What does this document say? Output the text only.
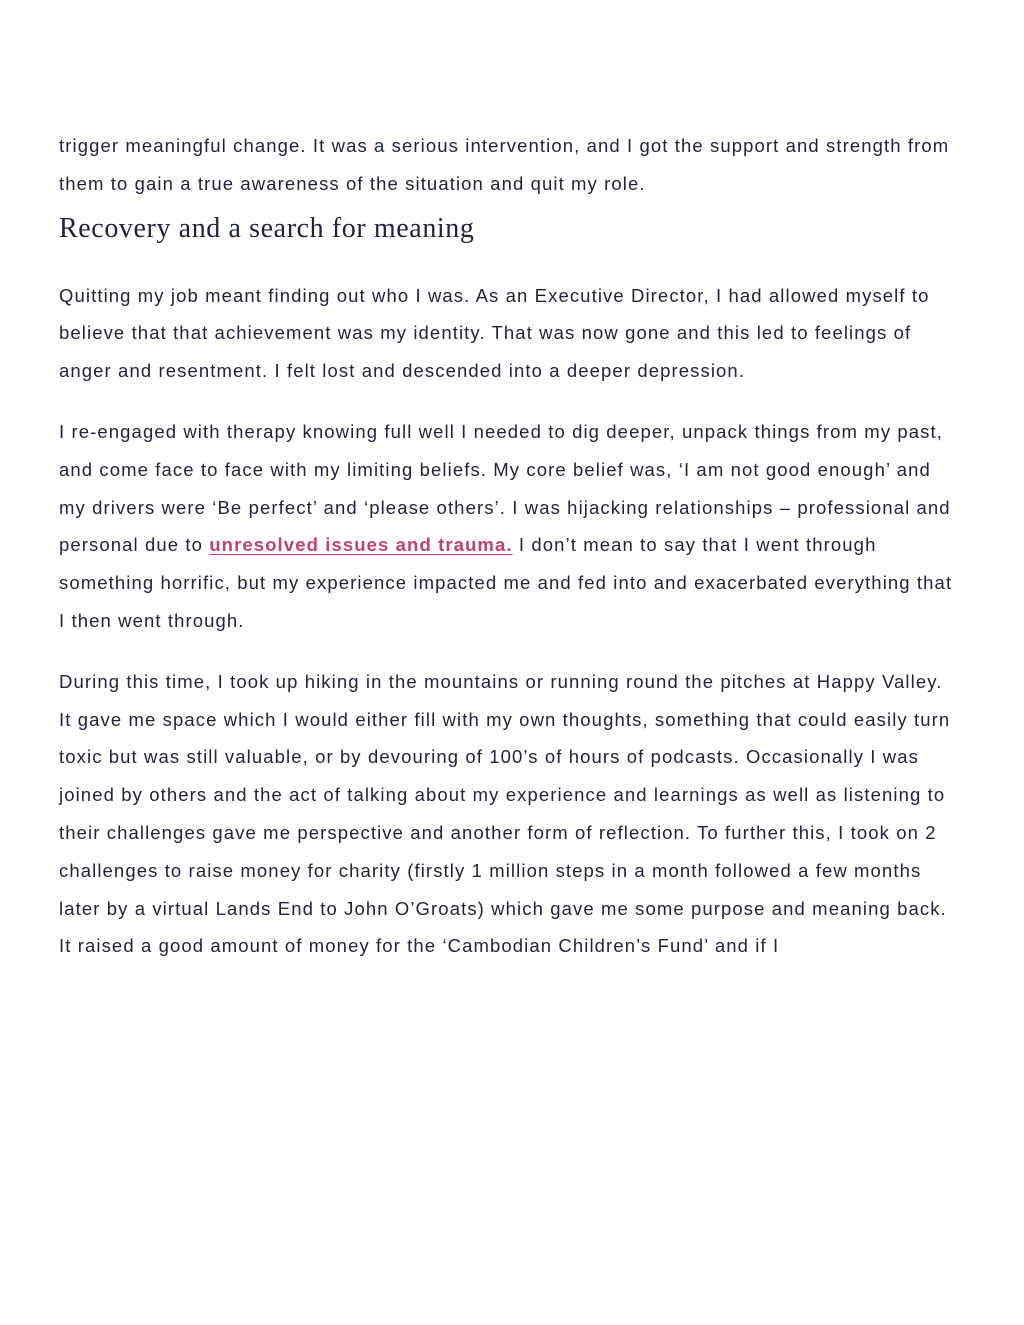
trigger meaningful change. It was a serious intervention, and I got the support and strength from them to gain a true awareness of the situation and quit my role.

Recovery and a search for meaning

Quitting my job meant finding out who I was. As an Executive Director, I had allowed myself to believe that that achievement was my identity. That was now gone and this led to feelings of anger and resentment. I felt lost and descended into a deeper depression.

I re-engaged with therapy knowing full well I needed to dig deeper, unpack things from my past, and come face to face with my limiting beliefs. My core belief was, ‘I am not good enough’ and my drivers were ‘Be perfect’ and ‘please others’. I was hijacking relationships – professional and personal due to unresolved issues and trauma. I don’t mean to say that I went through something horrific, but my experience impacted me and fed into and exacerbated everything that I then went through.

During this time, I took up hiking in the mountains or running round the pitches at Happy Valley. It gave me space which I would either fill with my own thoughts, something that could easily turn toxic but was still valuable, or by devouring of 100’s of hours of podcasts. Occasionally I was joined by others and the act of talking about my experience and learnings as well as listening to their challenges gave me perspective and another form of reflection. To further this, I took on 2 challenges to raise money for charity (firstly 1 million steps in a month followed a few months later by a virtual Lands End to John O’Groats) which gave me some purpose and meaning back. It raised a good amount of money for the ‘Cambodian Children’s Fund’ and if I
